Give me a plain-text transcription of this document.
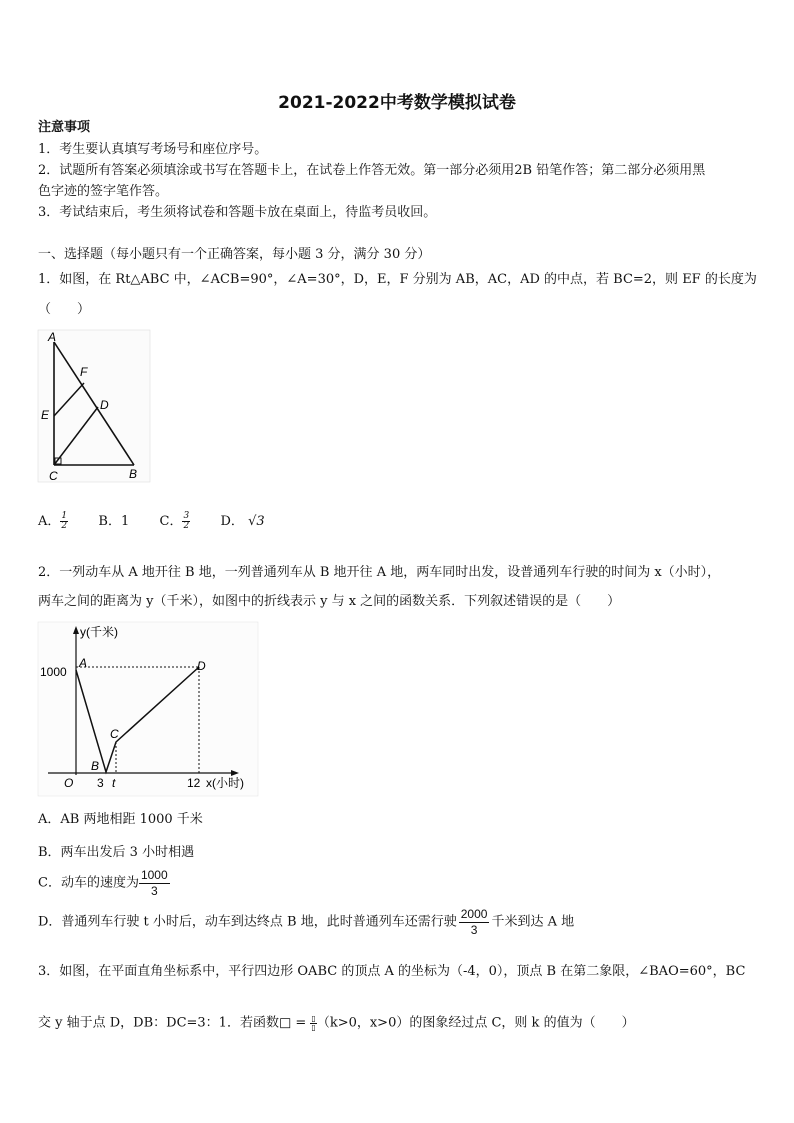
2021-2022中考数学模拟试卷
注意事项
1．考生要认真填写考场号和座位序号。
2．试题所有答案必须填涂或书写在答题卡上，在试卷上作答无效。第一部分必须用2B 铅笔作答；第二部分必须用黑
色字迹的签字笔作答。
3．考试结束后，考生须将试卷和答题卡放在桌面上，待监考员收回。
一、选择题（每小题只有一个正确答案，每小题 3 分，满分 30 分）
1．如图，在 Rt△ABC 中，∠ACB=90°，∠A=30°，D，E，F 分别为 AB，AC，AD 的中点，若 BC=2，则 EF 的长度为
（　　）
A
F
D
E
C	B
A． $\frac{1}{2}$ B．1 C． $\frac{3}{2}$ D． √3
2．一列动车从 A 地开往 B 地，一列普通列车从 B 地开往 A 地，两车同时出发，设普通列车行驶的时间为 x（小时），
两车之间的距离为 y（千米），如图中的折线表示 y 与 x 之间的函数关系．下列叙述错误的是（　　）
y(千米)
1000
A	D
C
B
O 3 t	12 x(小时)
A．AB 两地相距 1000 千米
B．两车出发后 3 小时相遇
C．动车的速度为 $\frac{1000}{3}$
D．普通列车行驶 t 小时后，动车到达终点 B 地，此时普通列车还需行驶 $\frac{2000}{3}$ 千米到达 A 地
3．如图，在平面直角坐标系中，平行四边形 OABC 的顶点 A 的坐标为（-4，0），顶点 B 在第二象限，∠BAO=60°，BC
交 y 轴于点 D，DB：DC=3：1．若函数□ = $\frac{▯}{▯} (k>0$，x>0）的图象经过点 C，则 k 的值为（　　）
